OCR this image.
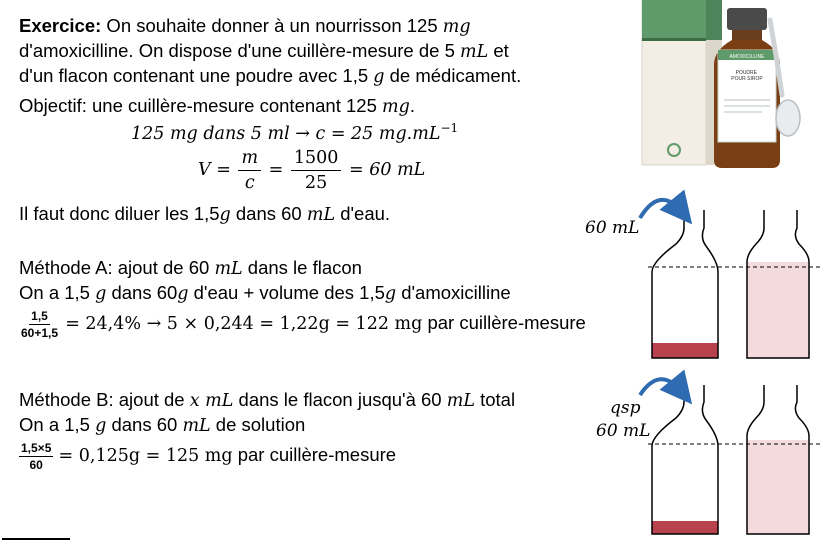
Exercice: On souhaite donner à un nourrisson 125 mg
d'amoxicilline. On dispose d'une cuillère-mesure de 5 mL et
d'un flacon contenant une poudre avec 1,5 g de médicament.
Objectif: une cuillère-mesure contenant 125 mg.
125 mg dans 5 ml → c = 25 $mg.mL^{-1}$
$V = \frac{m}{c} = \frac{1500}{25} = 60$ mL
Il faut donc diluer les 1,5g dans 60 mL d'eau.
Méthode A: ajout de 60 mL dans le flacon
On a 1,5 g dans 60g d'eau + volume des 1,5g d'amoxicilline
$\frac{1,5}{60+1,5} = 24,4\% \to 5 \times 0,244 = 1,22g = 122$ mg par cuillère-mesure
Méthode B: ajout de x mL dans le flacon jusqu'à 60 mL total
On a 1,5 g dans 60 mL de solution
$\frac{1,5\times 5}{60} = 0,125g = 125$ mg par cuillère-mesure
AMOXICILLINE
POUDRE POUR SIROP
60 mL
qsp
60 mL
